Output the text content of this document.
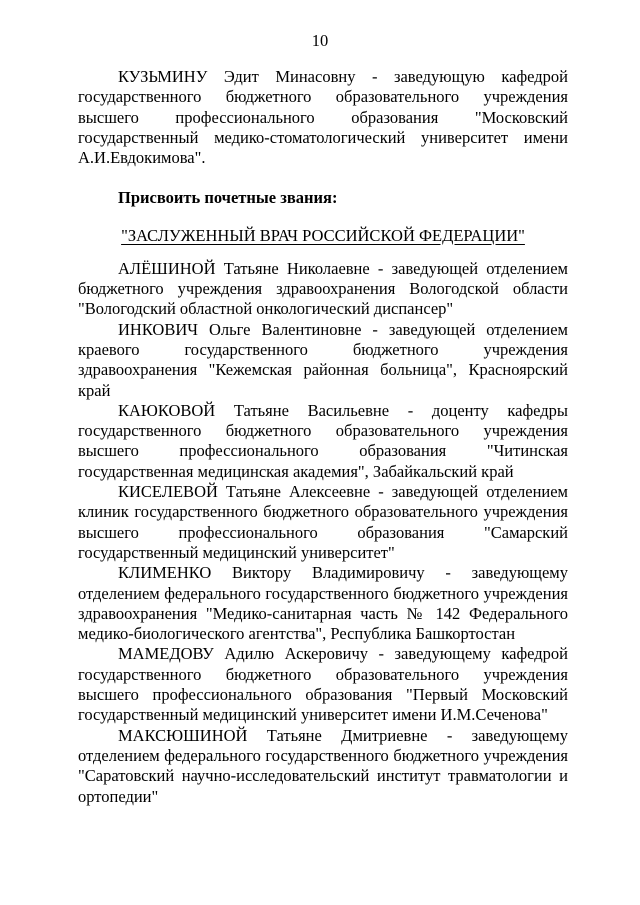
10

КУЗЬМИНУ Эдит Минасовну - заведующую кафедрой государственного бюджетного образовательного учреждения высшего профессионального образования "Московский государственный медико-стоматологический университет имени А.И.Евдокимова".

Присвоить почетные звания:
"ЗАСЛУЖЕННЫЙ ВРАЧ РОССИЙСКОЙ ФЕДЕРАЦИИ"

АЛЁШИНОЙ Татьяне Николаевне - заведующей отделением бюджетного учреждения здравоохранения Вологодской области "Вологодский областной онкологический диспансер"

ИНКОВИЧ Ольге Валентиновне - заведующей отделением краевого государственного бюджетного учреждения здравоохранения "Кежемская районная больница", Красноярский край

КАЮКОВОЙ Татьяне Васильевне - доценту кафедры государственного бюджетного образовательного учреждения высшего профессионального образования "Читинская государственная медицинская академия", Забайкальский край

КИСЕЛЕВОЙ Татьяне Алексеевне - заведующей отделением клиник государственного бюджетного образовательного учреждения высшего профессионального образования "Самарский государственный медицинский университет"

КЛИМЕНКО Виктору Владимировичу - заведующему отделением федерального государственного бюджетного учреждения здравоохранения "Медико-санитарная часть № 142 Федерального медико-биологического агентства", Республика Башкортостан

МАМЕДОВУ Адилю Аскеровичу - заведующему кафедрой государственного бюджетного образовательного учреждения высшего профессионального образования "Первый Московский государственный медицинский университет имени И.М.Сеченова"

МАКСЮШИНОЙ Татьяне Дмитриевне - заведующему отделением федерального государственного бюджетного учреждения "Саратовский научно-исследовательский институт травматологии и ортопедии"
